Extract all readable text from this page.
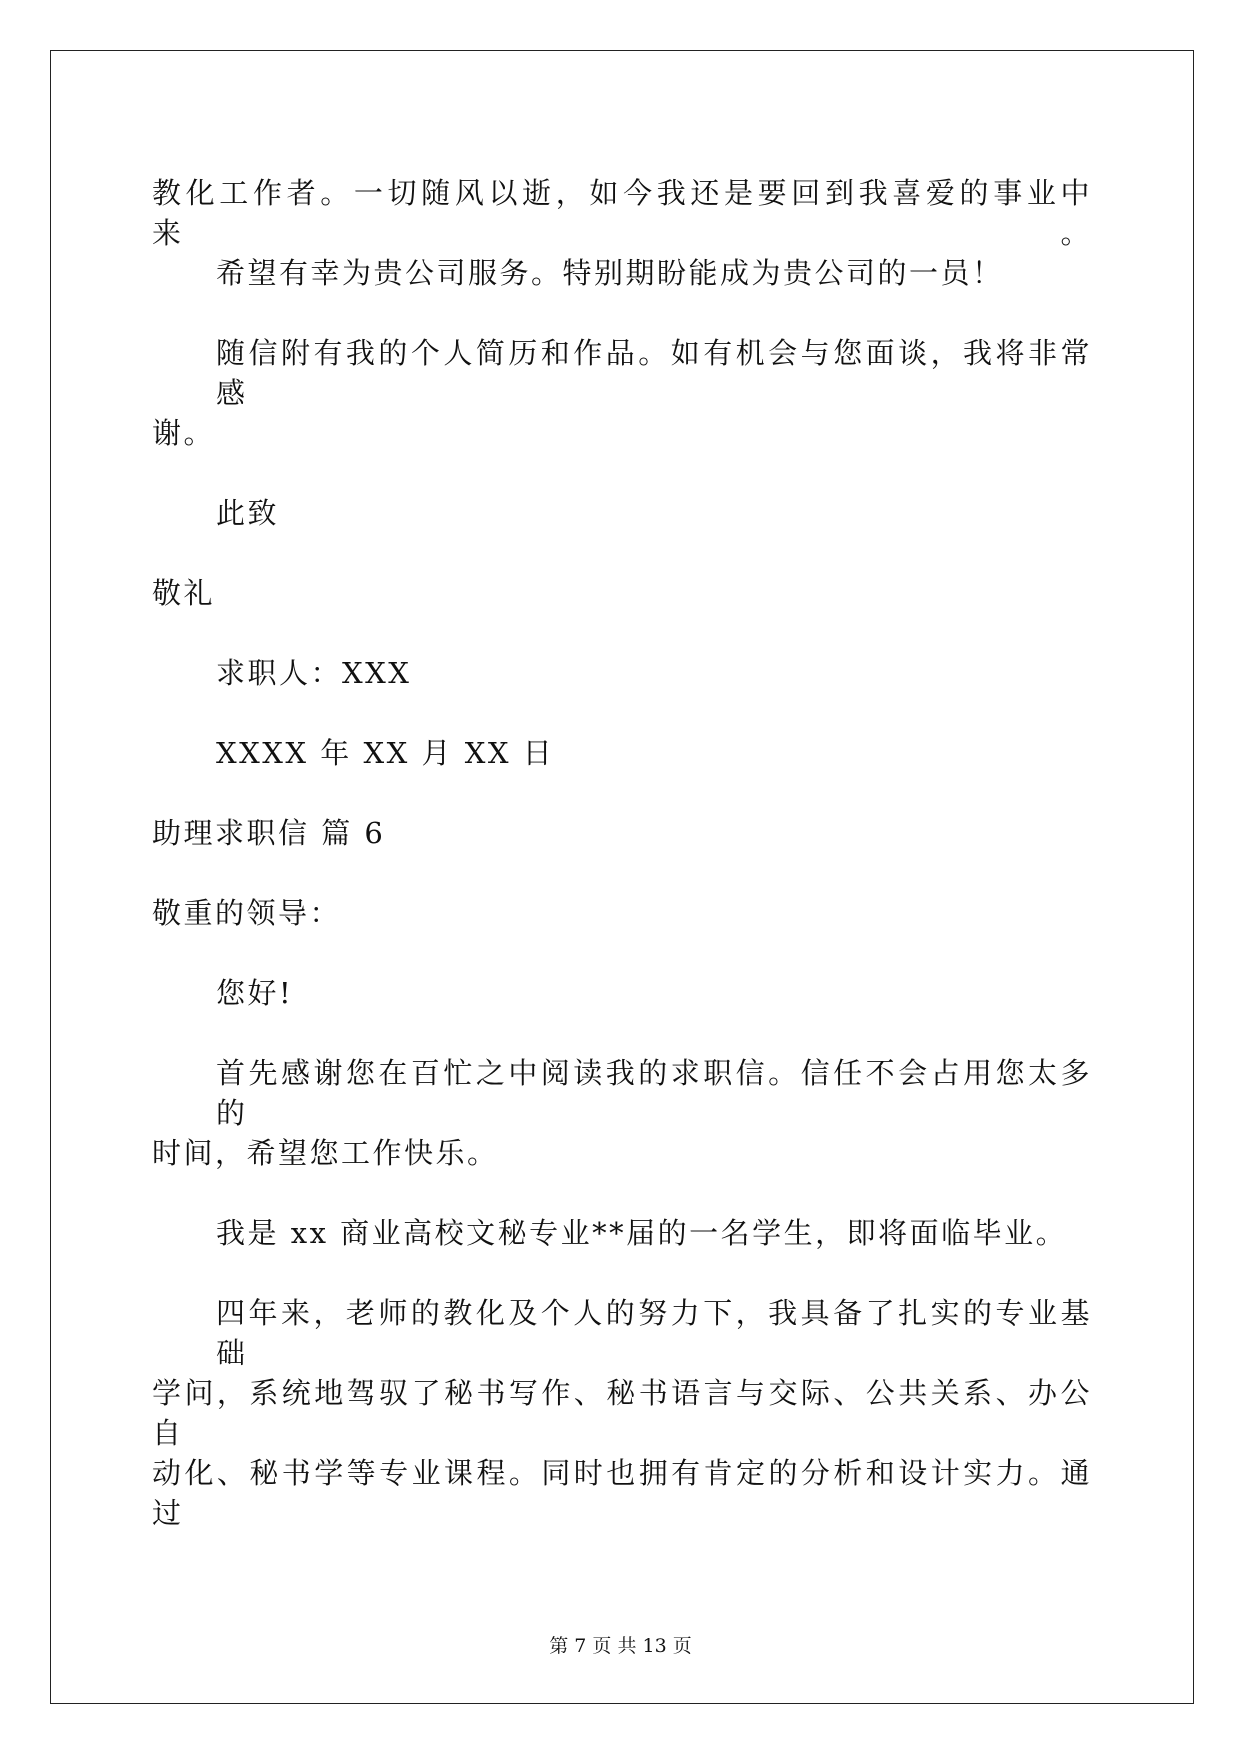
教化工作者。一切随风以逝，如今我还是要回到我喜爱的事业中来。
希望有幸为贵公司服务。特别期盼能成为贵公司的一员！
随信附有我的个人简历和作品。如有机会与您面谈，我将非常感
谢。
此致
敬礼
求职人：XXX
XXXX 年 XX 月 XX 日
助理求职信 篇 6
敬重的领导：
您好!
首先感谢您在百忙之中阅读我的求职信。信任不会占用您太多的
时间，希望您工作快乐。
我是 xx 商业高校文秘专业**届的一名学生，即将面临毕业。
四年来，老师的教化及个人的努力下，我具备了扎实的专业基础
学问，系统地驾驭了秘书写作、秘书语言与交际、公共关系、办公自
动化、秘书学等专业课程。同时也拥有肯定的分析和设计实力。通过
第 7 页 共 13 页
